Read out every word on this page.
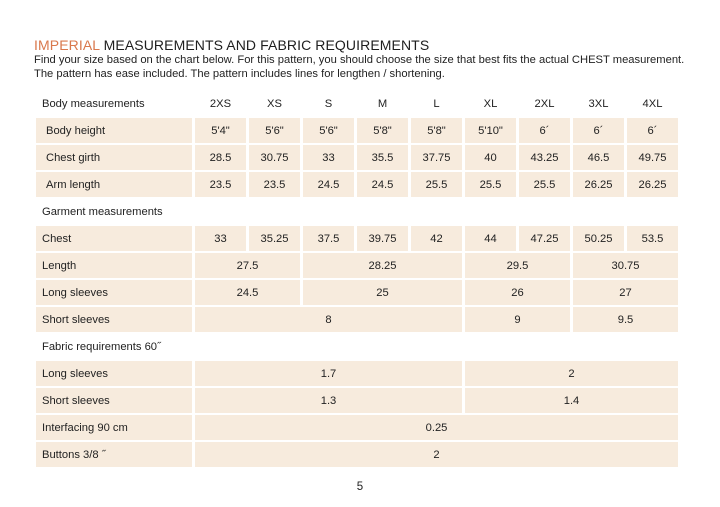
IMPERIAL MEASUREMENTS AND FABRIC REQUIREMENTS

Find your size based on the chart below. For this pattern, you should choose the size that best fits the actual CHEST measurement. The pattern has ease included. The pattern includes lines for lengthen / shortening.

Body measurements	2XS	XS	S	M	L	XL	2XL	3XL	4XL
Body height	5'4"	5'6"	5'6"	5'8"	5'8"	5'10"	6´	6´	6´
Chest girth	28.5	30.75	33	35.5	37.75	40	43.25	46.5	49.75
Arm length	23.5	23.5	24.5	24.5	25.5	25.5	25.5	26.25	26.25
Garment measurements
Chest	33	35.25	37.5	39.75	42	44	47.25	50.25	53.5
Length	27.5	28.25	29.5	30.75
Long sleeves	24.5	25	26	27
Short sleeves	8	9	9.5
Fabric requirements 60˝
Long sleeves	1.7	2
Short sleeves	1.3	1.4
Interfacing 90 cm	0.25
Buttons 3/8 ˝	2
5
